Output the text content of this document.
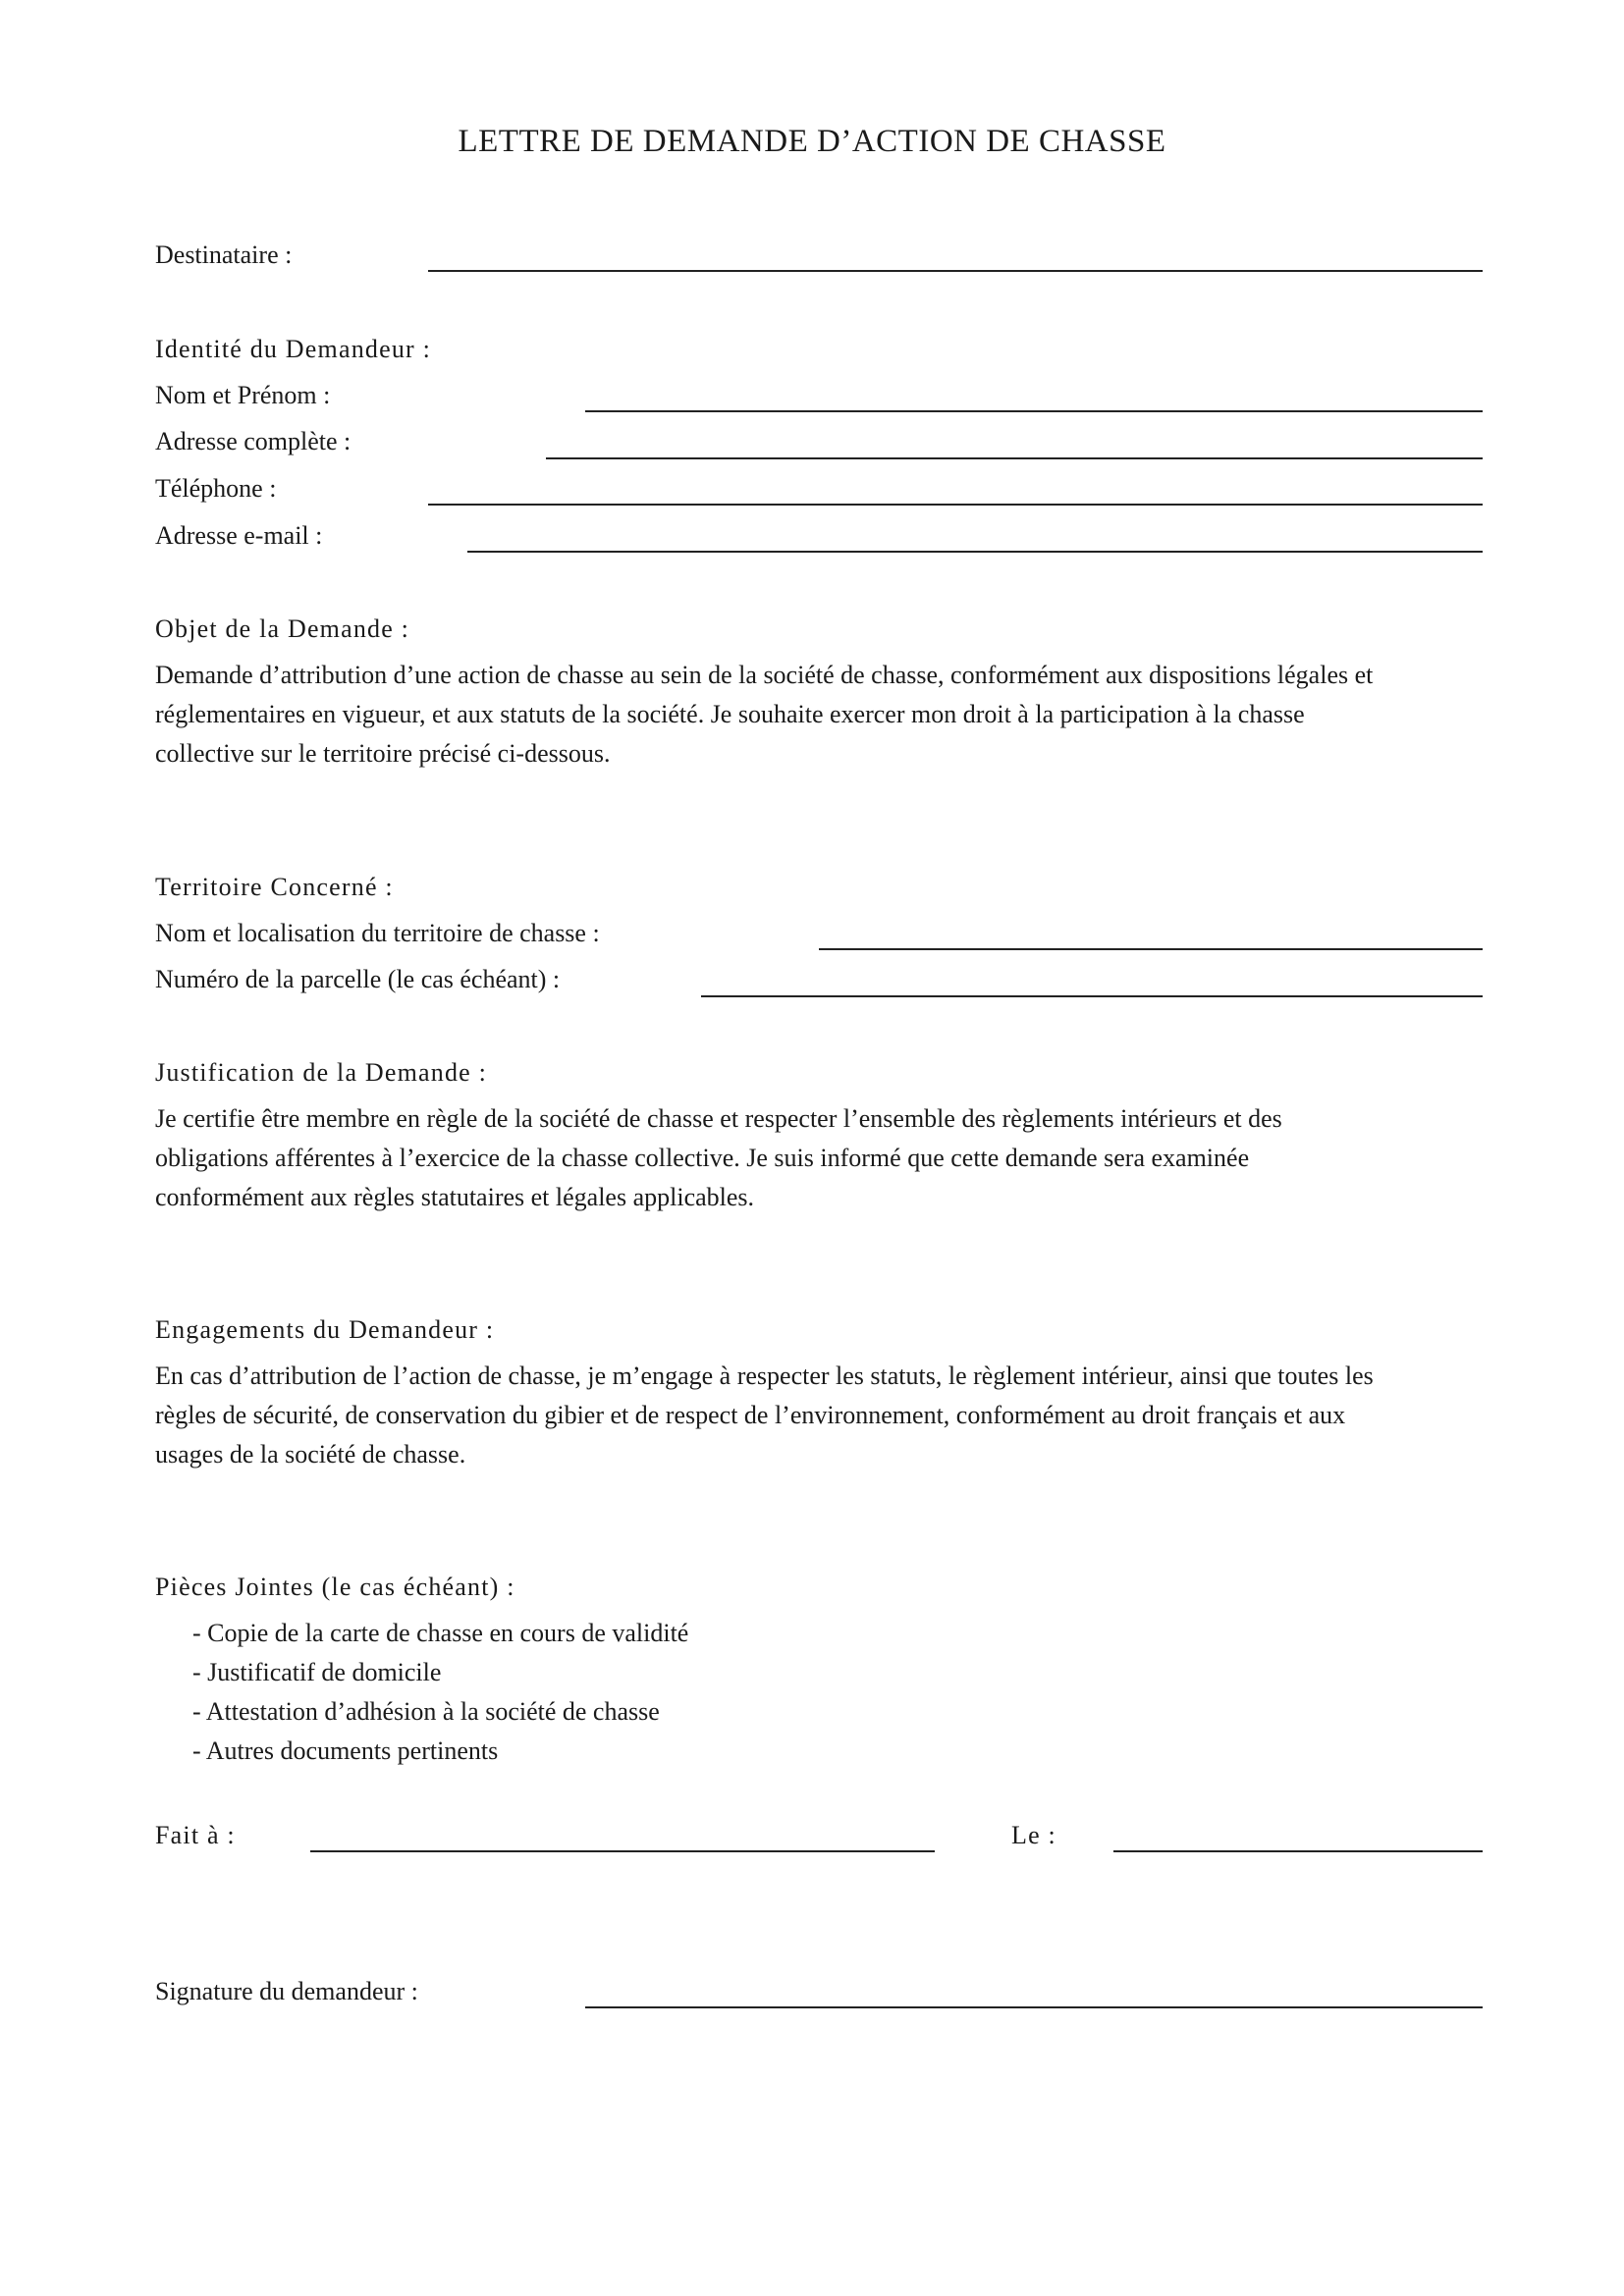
LETTRE DE DEMANDE D’ACTION DE CHASSE
Destinataire :
Identité du Demandeur :
Nom et Prénom :
Adresse complète :
Téléphone :
Adresse e-mail :
Objet de la Demande :
Demande d’attribution d’une action de chasse au sein de la société de chasse, conformément aux dispositions légales et
réglementaires en vigueur, et aux statuts de la société. Je souhaite exercer mon droit à la participation à la chasse
collective sur le territoire précisé ci-dessous.
Territoire Concerné :
Nom et localisation du territoire de chasse :
Numéro de la parcelle (le cas échéant) :
Justification de la Demande :
Je certifie être membre en règle de la société de chasse et respecter l’ensemble des règlements intérieurs et des
obligations afférentes à l’exercice de la chasse collective. Je suis informé que cette demande sera examinée
conformément aux règles statutaires et légales applicables.
Engagements du Demandeur :
En cas d’attribution de l’action de chasse, je m’engage à respecter les statuts, le règlement intérieur, ainsi que toutes les
règles de sécurité, de conservation du gibier et de respect de l’environnement, conformément au droit français et aux
usages de la société de chasse.
Pièces Jointes (le cas échéant) :
- Copie de la carte de chasse en cours de validité
- Justificatif de domicile
- Attestation d’adhésion à la société de chasse
- Autres documents pertinents
Fait à :	Le :
Signature du demandeur :
